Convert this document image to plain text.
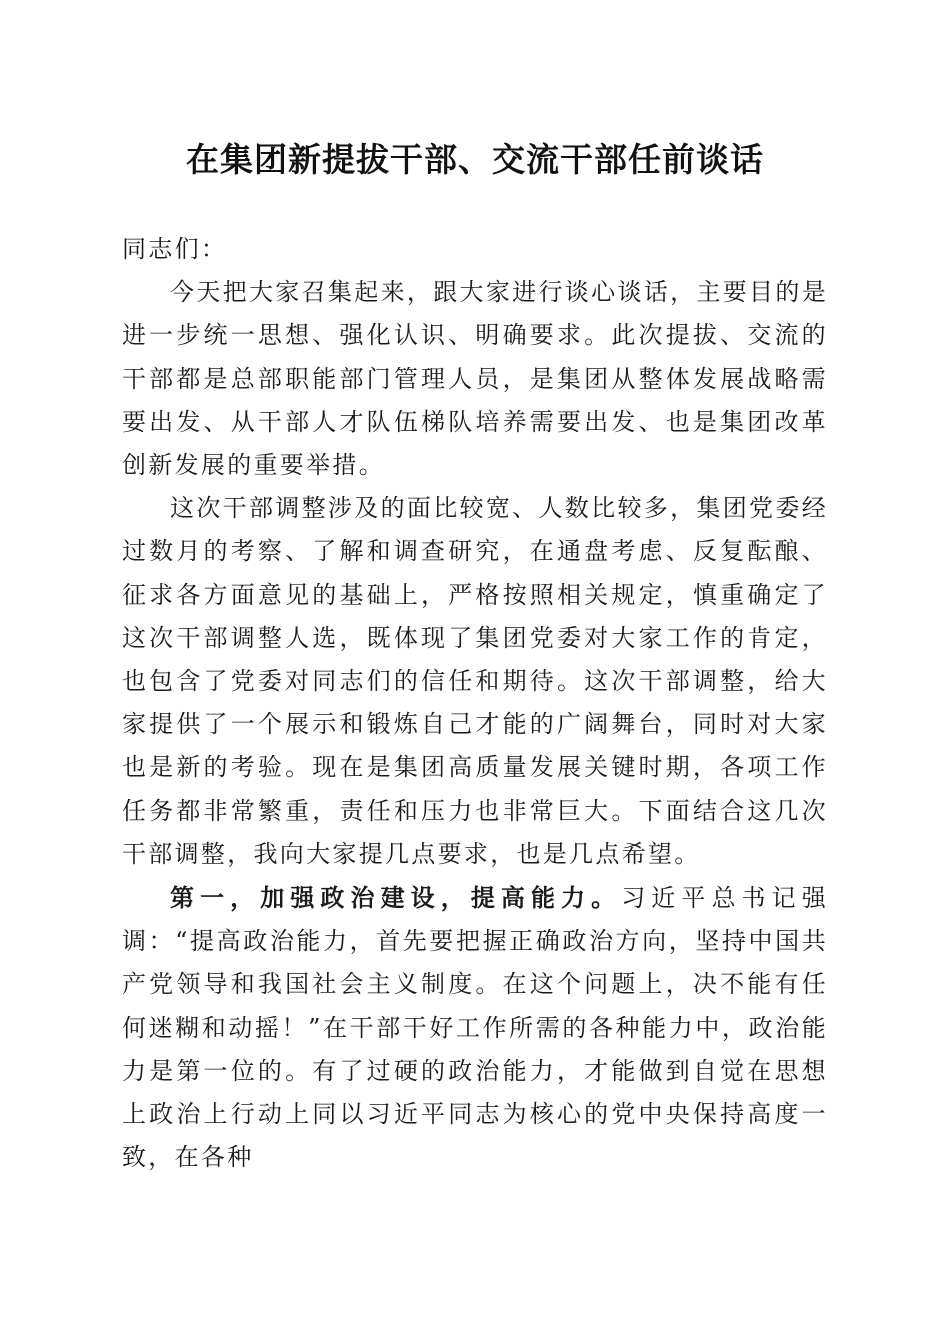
在集团新提拔干部、交流干部任前谈话

同志们：

今天把大家召集起来，跟大家进行谈心谈话，主要目的是进一步统一思想、强化认识、明确要求。此次提拔、交流的干部都是总部职能部门管理人员，是集团从整体发展战略需要出发、从干部人才队伍梯队培养需要出发、也是集团改革创新发展的重要举措。

这次干部调整涉及的面比较宽、人数比较多，集团党委经过数月的考察、了解和调查研究，在通盘考虑、反复酝酿、征求各方面意见的基础上，严格按照相关规定，慎重确定了这次干部调整人选，既体现了集团党委对大家工作的肯定，也包含了党委对同志们的信任和期待。这次干部调整，给大家提供了一个展示和锻炼自己才能的广阔舞台，同时对大家也是新的考验。现在是集团高质量发展关键时期，各项工作任务都非常繁重，责任和压力也非常巨大。下面结合这几次干部调整，我向大家提几点要求，也是几点希望。

第一，加强政治建设，提高能力。习近平总书记强调：“提高政治能力，首先要把握正确政治方向，坚持中国共产党领导和我国社会主义制度。在这个问题上，决不能有任何迷糊和动摇！”在干部干好工作所需的各种能力中，政治能力是第一位的。有了过硬的政治能力，才能做到自觉在思想上政治上行动上同以习近平同志为核心的党中央保持高度一致，在各种
